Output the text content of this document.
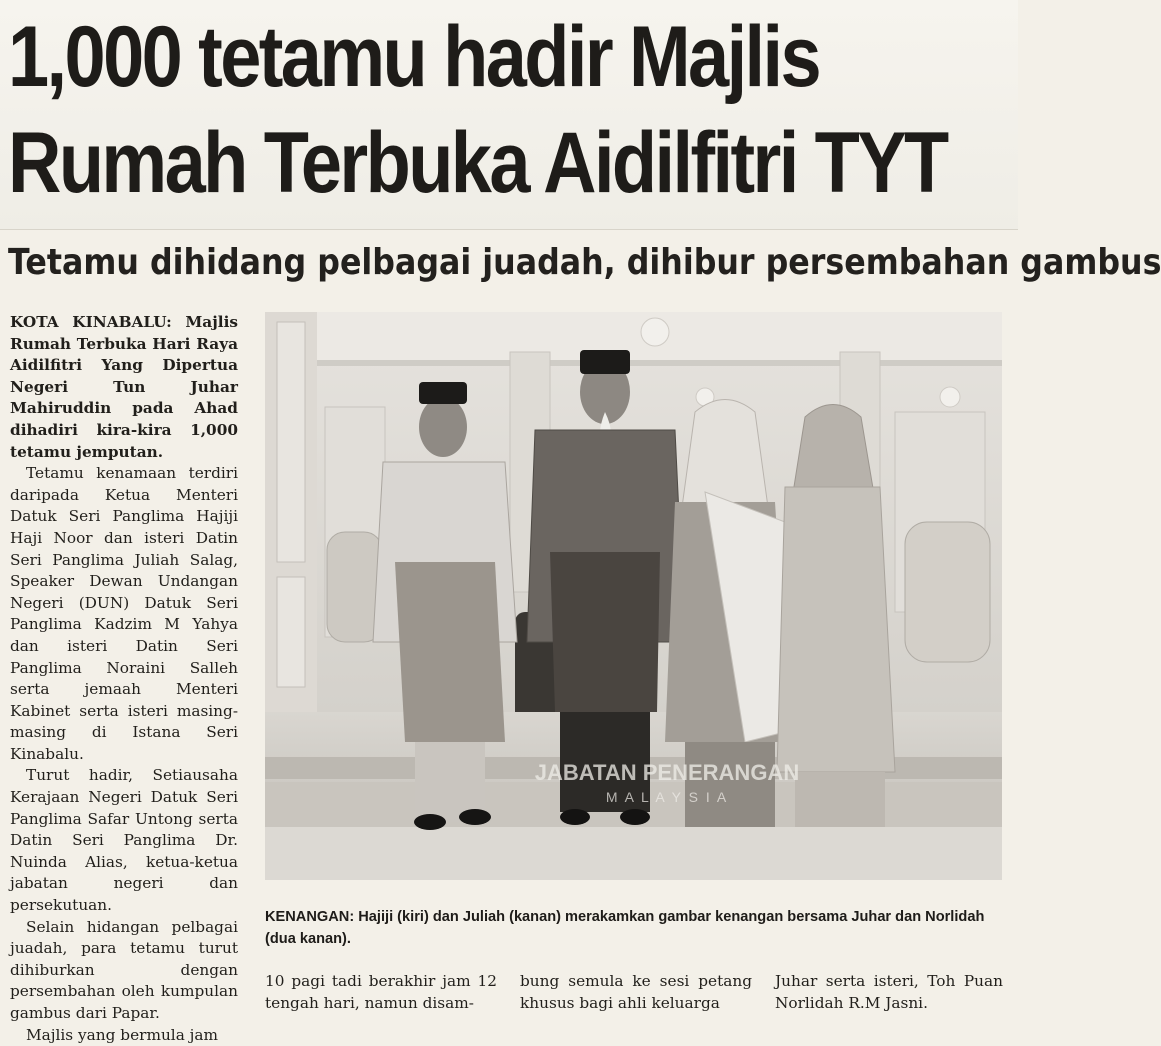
1,000 tetamu hadir Majlis
Rumah Terbuka Aidilfitri TYT
Tetamu dihidang pelbagai juadah, dihibur persembahan gambus

KOTA KINABALU: Majlis Rumah Terbuka Hari Raya Aidilfitri Yang Dipertua Negeri Tun Juhar Mahiruddin pada Ahad dihadiri kira-kira 1,000 tetamu jemputan.

Tetamu kenamaan terdiri daripada Ketua Menteri Datuk Seri Panglima Hajiji Haji Noor dan isteri Datin Seri Panglima Juliah Salag, Speaker Dewan Undangan Negeri (DUN) Datuk Seri Panglima Kadzim M Yahya dan isteri Datin Seri Panglima Noraini Salleh serta jemaah Menteri Kabinet serta isteri masing-masing di Istana Seri Kinabalu.

Turut hadir, Setiausaha Kerajaan Negeri Datuk Seri Panglima Safar Untong serta Datin Seri Panglima Dr. Nuinda Alias, ketua-ketua jabatan negeri dan persekutuan.

Selain hidangan pelbagai juadah, para tetamu turut dihiburkan dengan persembahan oleh kumpulan gambus dari Papar.

Majlis yang bermula jam

JABATAN PENERANGAN
M A L A Y S I A
KENANGAN: Hajiji (kiri) dan Juliah (kanan) merakamkan gambar kenangan bersama Juhar dan Norlidah (dua kanan).
10 pagi tadi berakhir jam 12 tengah hari, namun disam-
bung semula ke sesi petang khusus bagi ahli keluarga
Juhar serta isteri, Toh Puan Norlidah R.M Jasni.
